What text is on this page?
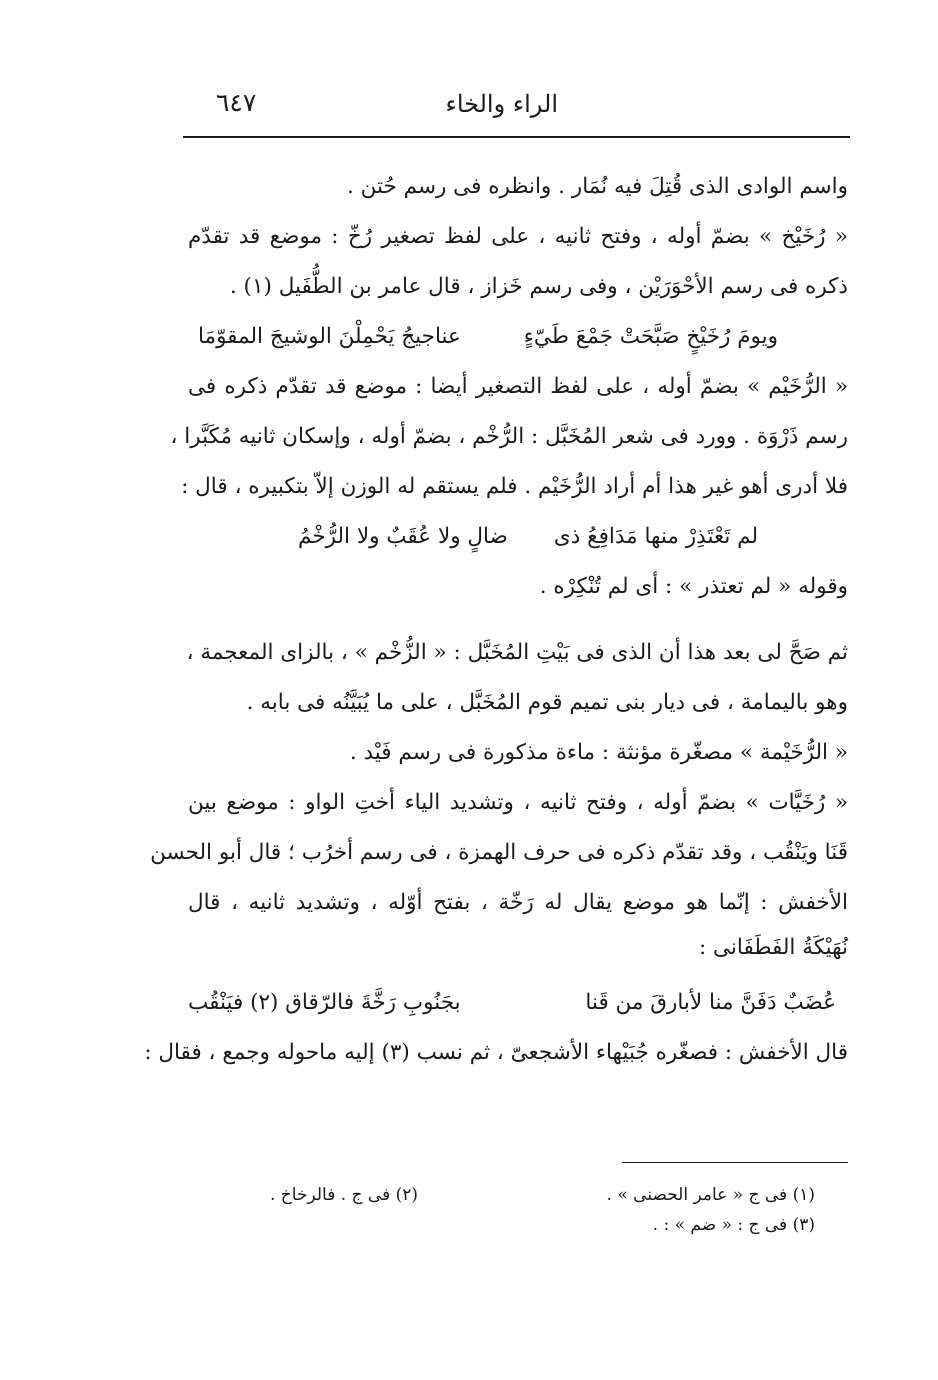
الراء والخاء
٦٤٧
واسم الوادى الذى قُتِلَ فيه نُمَار . وانظره فى رسم حُتن .
« رُخَيْخ » بضمّ أوله ، وفتح ثانيه ، على لفظ تصغير رُخّ : موضع قد تقدّم
ذكره فى رسم الأحْوَرَيْن ، وفى رسم خَزاز ، قال عامر بن الطُّفَيل (١) .
ويومَ رُخَيْخٍ صَبَّحَتْ جَمْعَ طَيّءٍ
عناجيجُ يَحْمِلْنَ الوشيجَ المقوّمَا
« الرُّخَيْم » بضمّ أوله ، على لفظ التصغير أيضا : موضع قد تقدّم ذكره فى
رسم ذَرْوَة . وورد فى شعر المُخَبَّل : الرُّخْم ، بضمّ أوله ، وإسكان ثانيه مُكَبَّرا ،
فلا أدرى أهو غير هذا أم أراد الرُّخَيْم . فلم يستقم له الوزن إلاّ بتكبيره ، قال :
لم تَعْتَذِرْ منها مَدَافِعُ ذى
ضالٍ ولا عُقَبٌ ولا الرُّخْمُ
وقوله « لم تعتذر » : أى لم تُنْكِرْه .
ثم صَحَّ لى بعد هذا أن الذى فى بَيْتِ المُخَبَّل : « الزُّخْم » ، بالزاى المعجمة ،
وهو باليمامة ، فى ديار بنى تميم قوم المُخَبَّل ، على ما يُبَيَّنُه فى بابه .
« الرُّخَيْمة » مصغّرة مؤنثة : ماءة مذكورة فى رسم فَيْد .
« رُخَيَّات » بضمّ أوله ، وفتح ثانيه ، وتشديد الياء أختِ الواو : موضع بين
قَنَا ويَنْقُب ، وقد تقدّم ذكره فى حرف الهمزة ، فى رسم أخرُب ؛ قال أبو الحسن
الأخفش : إنّما هو موضع يقال له رَخّة ، بفتح أوّله ، وتشديد ثانيه ، قال
نُهَيْكَةُ الفَطَفَانى :
عُضَبٌ دَفَنَّ منا لأبارقَ من قَنا
بجَنُوبِ رَخَّةَ فالرّقاق (٢) فيَنْقُب
قال الأخفش : فصغّره جُبَيْهاء الأشجعىّ ، ثم نسب (٣) إليه ماحوله وجمع ، فقال :
(١) فى ج « عامر الحصنى » .
(٢) فى ج . فالرخاخ .
(٣) فى ج : « ضم » : .
